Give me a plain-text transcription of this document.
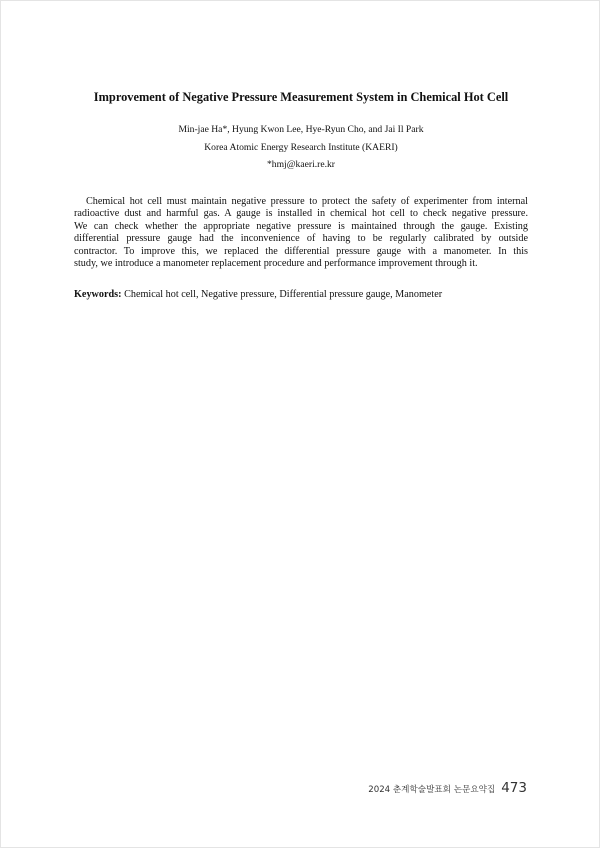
Improvement of Negative Pressure Measurement System in Chemical Hot Cell
Min-jae Ha*, Hyung Kwon Lee, Hye-Ryun Cho, and Jai Il Park
Korea Atomic Energy Research Institute (KAERI)
*hmj@kaeri.re.kr
Chemical hot cell must maintain negative pressure to protect the safety of experimenter from internal
radioactive dust and harmful gas. A gauge is installed in chemical hot cell to check negative pressure.
We can check whether the appropriate negative pressure is maintained through the gauge. Existing
differential pressure gauge had the inconvenience of having to be regularly calibrated by outside
contractor. To improve this, we replaced the differential pressure gauge with a manometer. In this
study, we introduce a manometer replacement procedure and performance improvement through it.
Keywords: Chemical hot cell, Negative pressure, Differential pressure gauge, Manometer
2024 춘계학술발표회 논문요약집 473
